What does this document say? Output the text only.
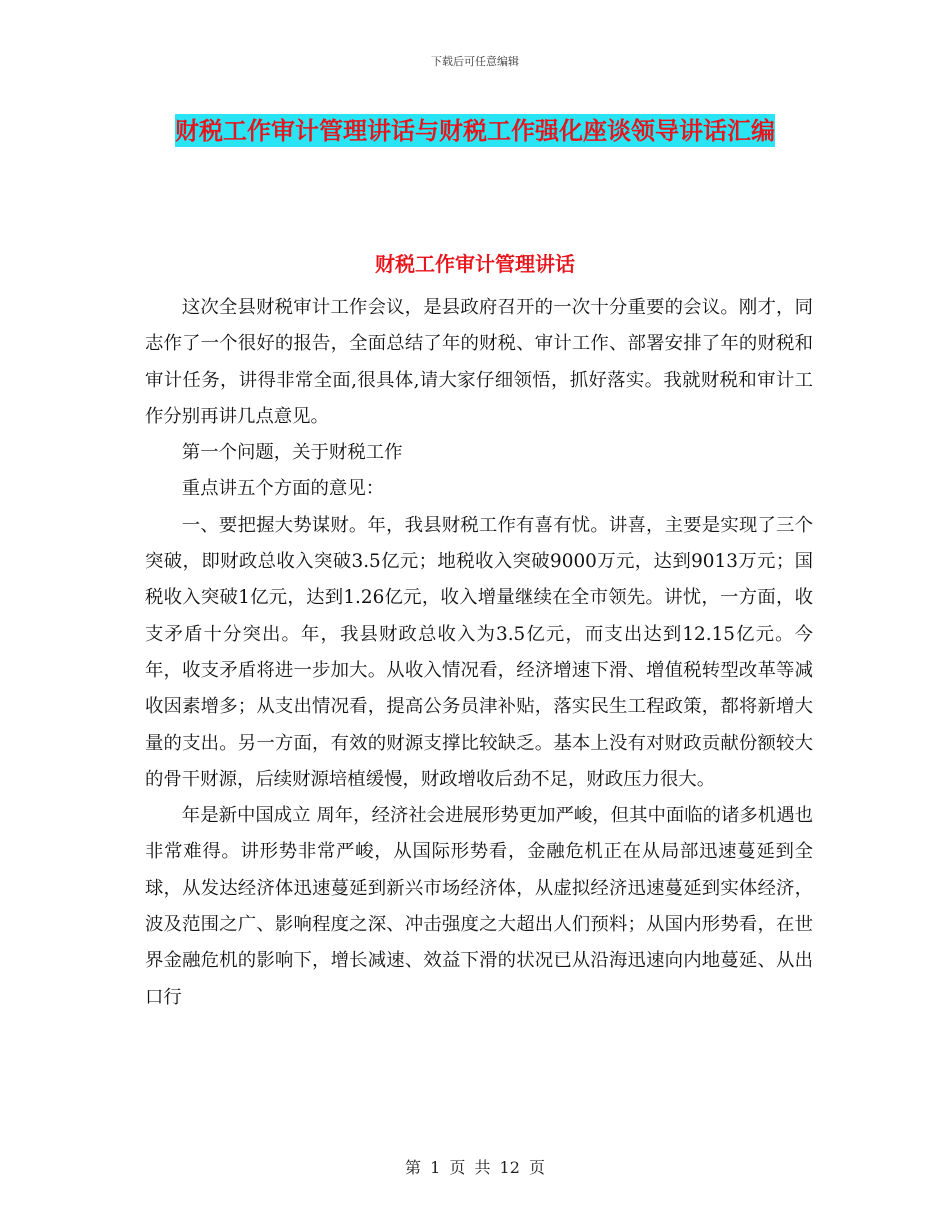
下载后可任意编辑
财税工作审计管理讲话与财税工作强化座谈领导讲话汇编
财税工作审计管理讲话

这次全县财税审计工作会议，是县政府召开的一次十分重要的会议。刚才，同志作了一个很好的报告，全面总结了年的财税、审计工作、部署安排了年的财税和审计任务，讲得非常全面,很具体,请大家仔细领悟，抓好落实。我就财税和审计工作分别再讲几点意见。

第一个问题，关于财税工作

重点讲五个方面的意见：

一、要把握大势谋财。年，我县财税工作有喜有忧。讲喜，主要是实现了三个突破，即财政总收入突破3.5亿元；地税收入突破9000万元，达到9013万元；国税收入突破1亿元，达到1.26亿元，收入增量继续在全市领先。讲忧，一方面，收支矛盾十分突出。年，我县财政总收入为3.5亿元，而支出达到12.15亿元。今年，收支矛盾将进一步加大。从收入情况看，经济增速下滑、增值税转型改革等减收因素增多；从支出情况看，提高公务员津补贴，落实民生工程政策，都将新增大量的支出。另一方面，有效的财源支撑比较缺乏。基本上没有对财政贡献份额较大的骨干财源，后续财源培植缓慢，财政增收后劲不足，财政压力很大。

年是新中国成立 周年，经济社会进展形势更加严峻，但其中面临的诸多机遇也非常难得。讲形势非常严峻，从国际形势看，金融危机正在从局部迅速蔓延到全球，从发达经济体迅速蔓延到新兴市场经济体，从虚拟经济迅速蔓延到实体经济，波及范围之广、影响程度之深、冲击强度之大超出人们预料；从国内形势看，在世界金融危机的影响下，增长减速、效益下滑的状况已从沿海迅速向内地蔓延、从出口行

第 1 页 共 12 页
